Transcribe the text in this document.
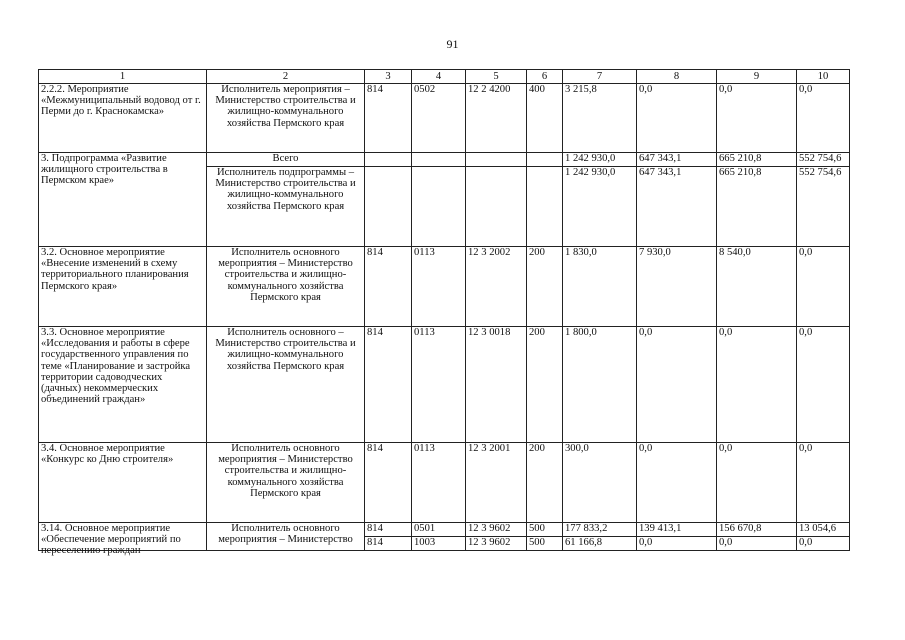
91
1	2	3	4	5	6	7	8	9	10
2.2.2. Мероприятие «Межмуниципальный водовод от г. Перми до г. Краснокамска»	Исполнитель мероприятия – Министерство строительства и жилищно-коммунального хозяйства Пермского края	814	0502	12 2 4200	400	3 215,8	0,0	0,0	0,0
3. Подпрограмма «Развитие жилищного строительства в Пермском крае»	Всего					1 242 930,0	647 343,1	665 210,8	552 754,6
	Исполнитель подпрограммы – Министерство строительства и жилищно-коммунального хозяйства Пермского края					1 242 930,0	647 343,1	665 210,8	552 754,6
3.2. Основное мероприятие «Внесение изменений в схему территориального планирования Пермского края»	Исполнитель основного мероприятия – Министерство строительства и жилищно-коммунального хозяйства Пермского края	814	0113	12 3 2002	200	1 830,0	7 930,0	8 540,0	0,0
3.3. Основное мероприятие «Исследования и работы в сфере государственного управления по теме «Планирование и застройка территории садоводческих (дачных) некоммерческих объединений граждан»	Исполнитель основного – Министерство строительства и жилищно-коммунального хозяйства Пермского края	814	0113	12 3 0018	200	1 800,0	0,0	0,0	0,0
3.4. Основное мероприятие «Конкурс ко Дню строителя»	Исполнитель основного мероприятия – Министерство строительства и жилищно-коммунального хозяйства Пермского края	814	0113	12 3 2001	200	300,0	0,0	0,0	0,0

3.14. Основное мероприятие «Обеспечение мероприятий по переселению граждан	Исполнитель основного мероприятия – Министерство	814	0501	12 3 9602	500	177 833,2	139 413,1	156 670,8	13 054,6
		814	1003	12 3 9602	500	61 166,8	0,0	0,0	0,0
